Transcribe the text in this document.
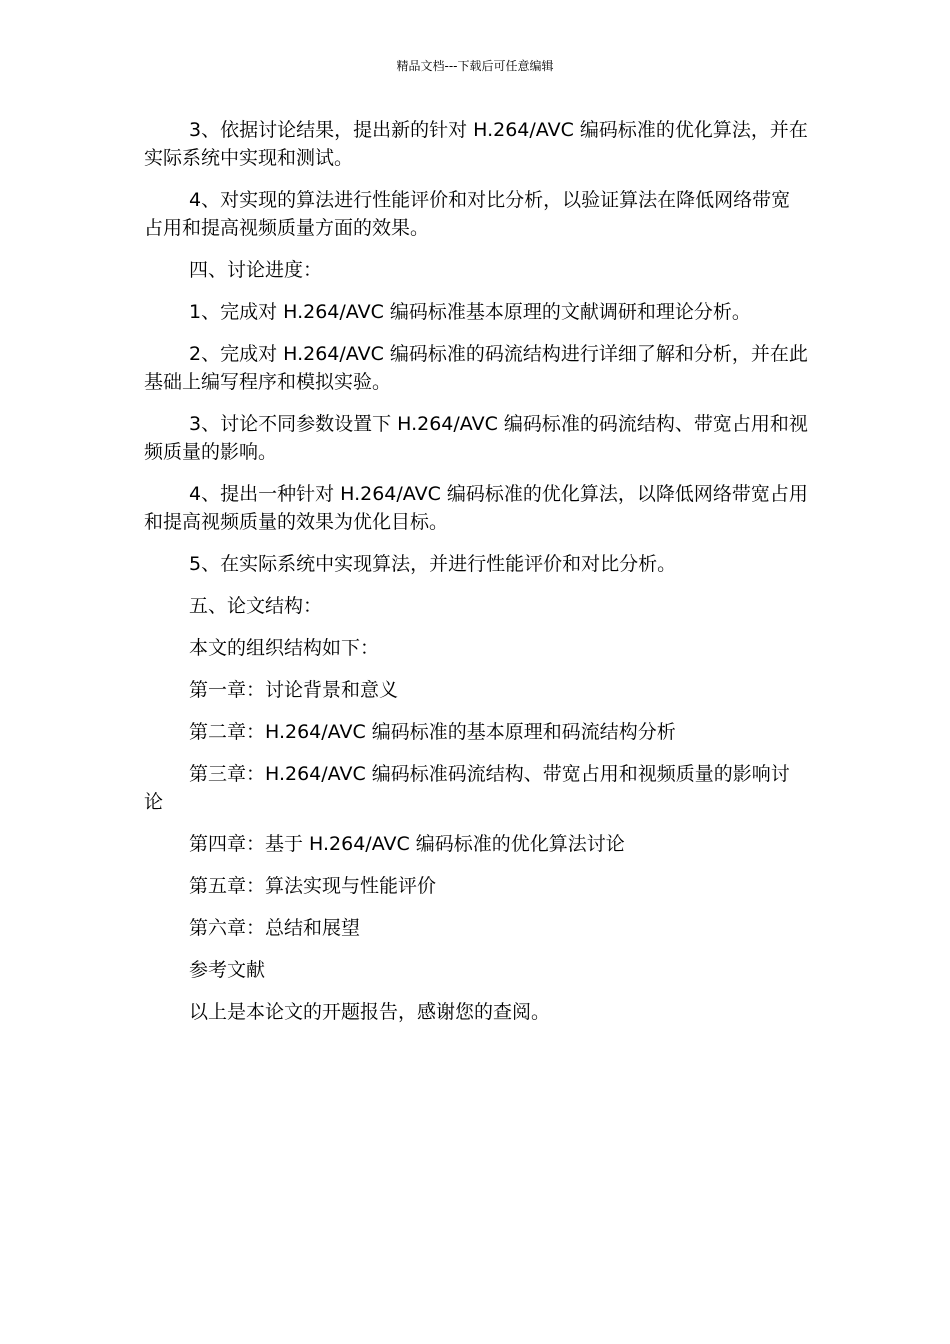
精品文档---下载后可任意编辑

3、依据讨论结果，提出新的针对 H.264/AVC 编码标准的优化算法，并在实际系统中实现和测试。

4、对实现的算法进行性能评价和对比分析，以验证算法在降低网络带宽占用和提高视频质量方面的效果。

四、讨论进度：

1、完成对 H.264/AVC 编码标准基本原理的文献调研和理论分析。

2、完成对 H.264/AVC 编码标准的码流结构进行详细了解和分析，并在此基础上编写程序和模拟实验。

3、讨论不同参数设置下 H.264/AVC 编码标准的码流结构、带宽占用和视频质量的影响。

4、提出一种针对 H.264/AVC 编码标准的优化算法，以降低网络带宽占用和提高视频质量的效果为优化目标。

5、在实际系统中实现算法，并进行性能评价和对比分析。

五、论文结构：

本文的组织结构如下：

第一章：讨论背景和意义

第二章：H.264/AVC 编码标准的基本原理和码流结构分析

第三章：H.264/AVC 编码标准码流结构、带宽占用和视频质量的影响讨论

第四章：基于 H.264/AVC 编码标准的优化算法讨论

第五章：算法实现与性能评价

第六章：总结和展望

参考文献

以上是本论文的开题报告，感谢您的查阅。
